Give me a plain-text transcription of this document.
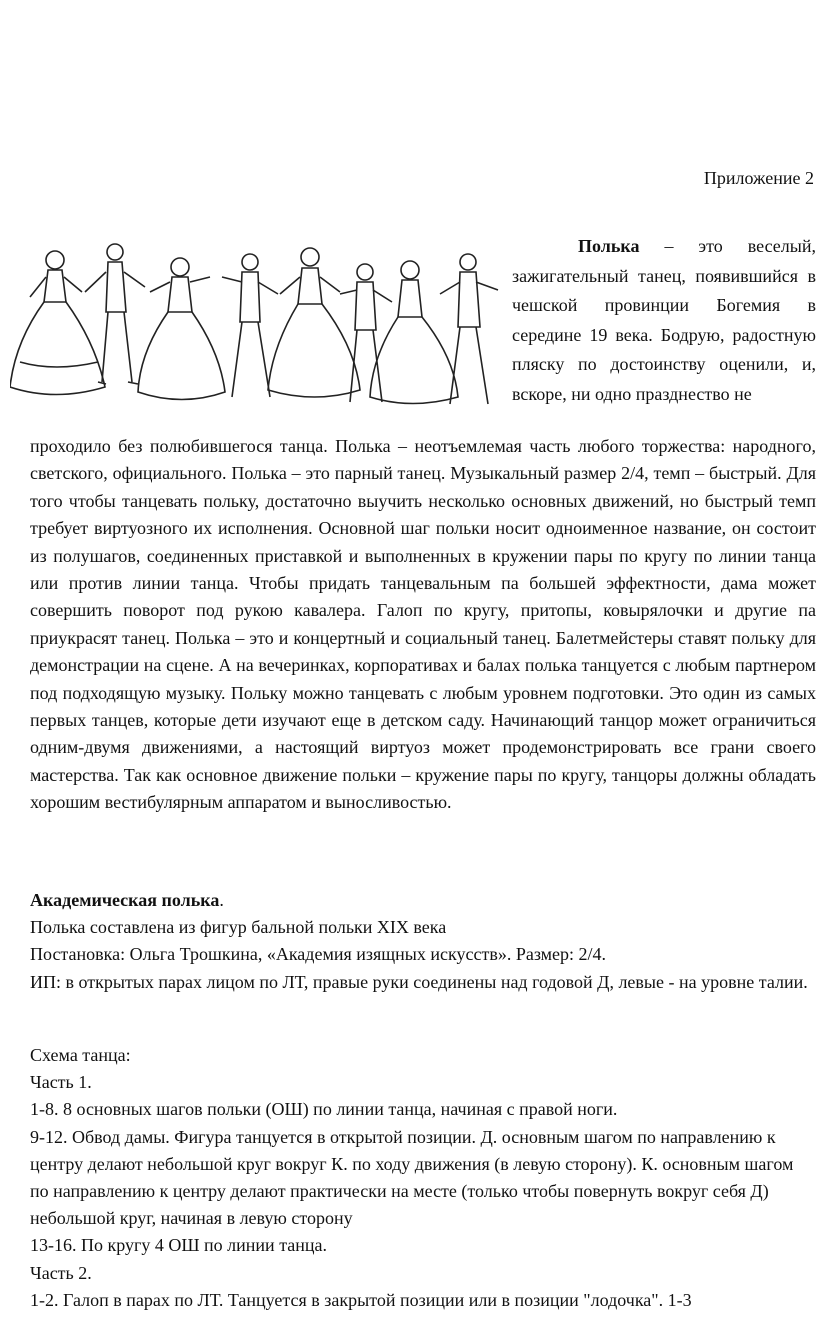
Приложение 2
Полька – это веселый, зажигательный танец, появившийся в чешской провинции Богемия в середине 19 века. Бодрую, радостную пляску по достоинству оценили, и, вскоре, ни одно празднество не
проходило без полюбившегося танца. Полька – неотъемлемая часть любого торжества: народного, светского, официального. Полька – это парный танец. Музыкальный размер 2/4, темп – быстрый. Для того чтобы танцевать польку, достаточно выучить несколько основных движений, но быстрый темп требует виртуозного их исполнения. Основной шаг польки носит одноименное название, он состоит из полушагов, соединенных приставкой и выполненных в кружении пары по кругу по линии танца или против линии танца. Чтобы придать танцевальным па большей эффектности, дама может совершить поворот под рукою кавалера. Галоп по кругу, притопы, ковырялочки и другие па приукрасят танец. Полька – это и концертный и социальный танец. Балетмейстеры ставят польку для демонстрации на сцене. А на вечеринках, корпоративах и балах полька танцуется с любым партнером под подходящую музыку. Польку можно танцевать с любым уровнем подготовки. Это один из самых первых танцев, которые дети изучают еще в детском саду. Начинающий танцор может ограничиться одним-двумя движениями, а настоящий виртуоз может продемонстрировать все грани своего мастерства. Так как основное движение польки – кружение пары по кругу, танцоры должны обладать хорошим вестибулярным аппаратом и выносливостью.

Академическая полька.

Полька составлена из фигур бальной польки XIX века

Постановка: Ольга Трошкина, «Академия изящных искусств». Размер: 2/4.

ИП: в открытых парах лицом по ЛТ, правые руки соединены над годовой Д, левые - на уровне талии.

Схема танца:

Часть 1.

1-8. 8 основных шагов польки (ОШ) по линии танца, начиная с правой ноги.

9-12. Обвод дамы. Фигура танцуется в открытой позиции. Д. основным шагом по направлению к центру делают небольшой круг вокруг К. по ходу движения (в левую сторону). К. основным шагом по направлению к центру делают практически на месте (только чтобы повернуть вокруг себя Д) небольшой круг, начиная в левую сторону

13-16. По кругу 4 ОШ по линии танца.

Часть 2.

1-2. Галоп в парах по ЛТ. Танцуется в закрытой позиции или в позиции "лодочка". 1-3
